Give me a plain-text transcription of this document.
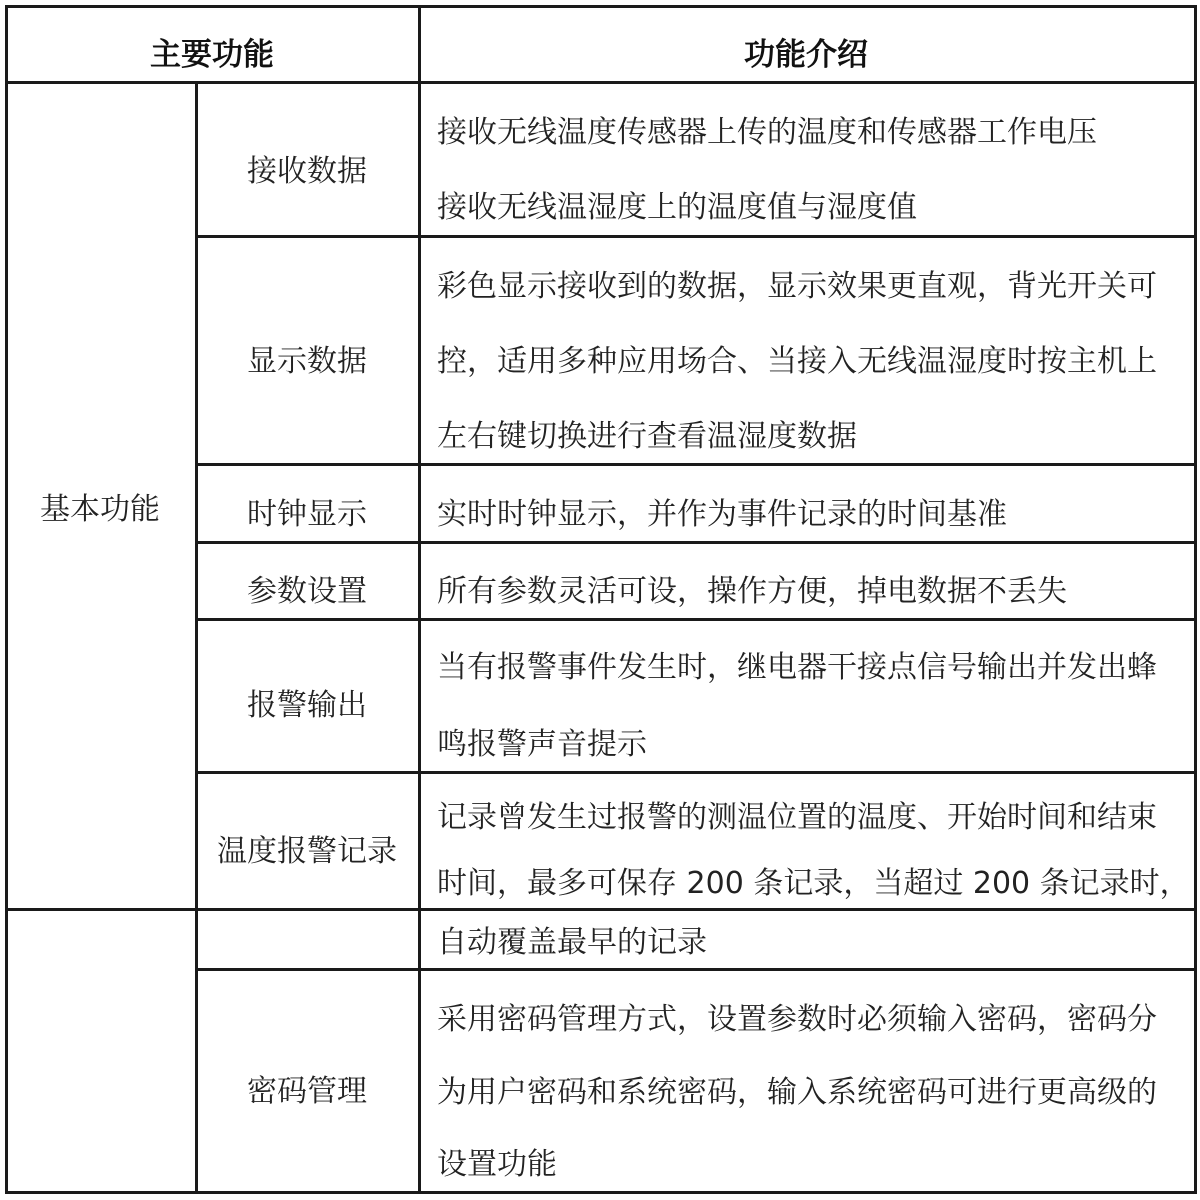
主要功能	功能介绍
基本功能
接收数据
接收无线温度传感器上传的温度和传感器工作电压
接收无线温湿度上的温度值与湿度值
显示数据
彩色显示接收到的数据，显示效果更直观，背光开关可
控，适用多种应用场合、当接入无线温湿度时按主机上
左右键切换进行查看温湿度数据
时钟显示 实时时钟显示，并作为事件记录的时间基准
参数设置 所有参数灵活可设，操作方便，掉电数据不丢失
报警输出
当有报警事件发生时，继电器干接点信号输出并发出蜂
鸣报警声音提示
温度报警记录
记录曾发生过报警的测温位置的温度、开始时间和结束
时间，最多可保存 200 条记录，当超过 200 条记录时，
自动覆盖最早的记录
密码管理
采用密码管理方式，设置参数时必须输入密码，密码分
为用户密码和系统密码，输入系统密码可进行更高级的
设置功能
